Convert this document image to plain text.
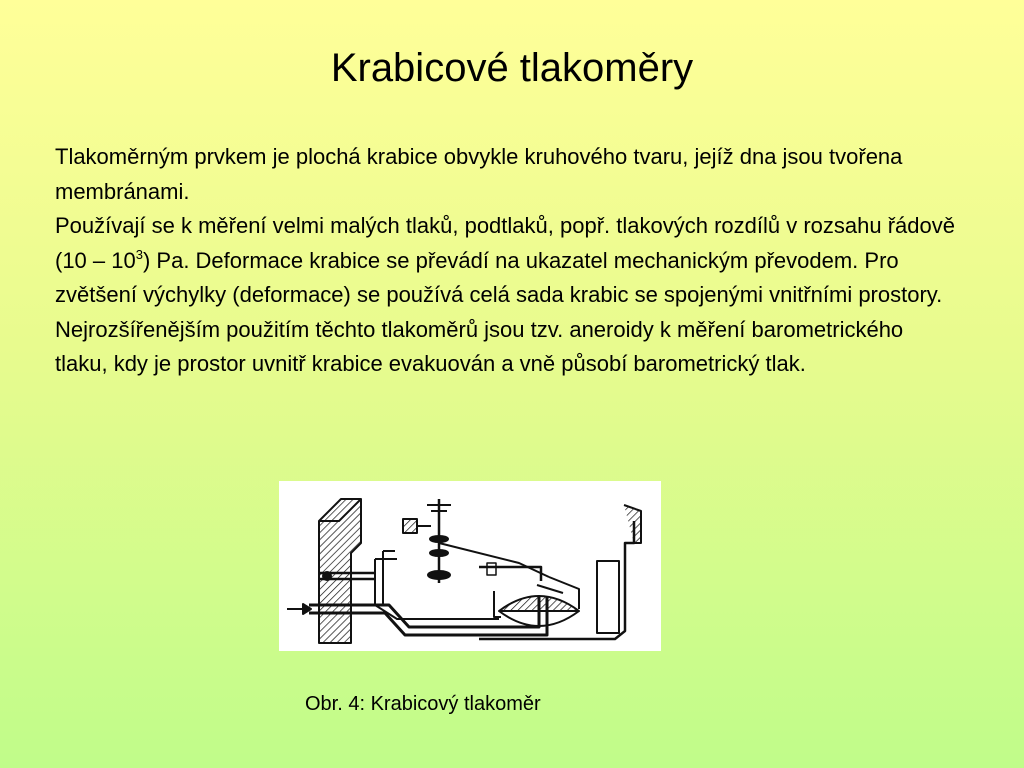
Krabicové tlakoměry

Tlakoměrným prvkem je plochá krabice obvykle kruhového tvaru, jejíž dna jsou tvořena membránami.

Používají se k měření velmi malých tlaků, podtlaků, popř. tlakových rozdílů v rozsahu řádově $(10 - 10^3)$ Pa. Deformace krabice se převádí na ukazatel mechanickým převodem. Pro zvětšení výchylky (deformace) se používá celá sada krabic se spojenými vnitřními prostory.

Nejrozšířenějším použitím těchto tlakoměrů jsou tzv. aneroidy k měření barometrického tlaku, kdy je prostor uvnitř krabice evakuován a vně působí barometrický tlak.

Obr. 4: Krabicový tlakoměr
